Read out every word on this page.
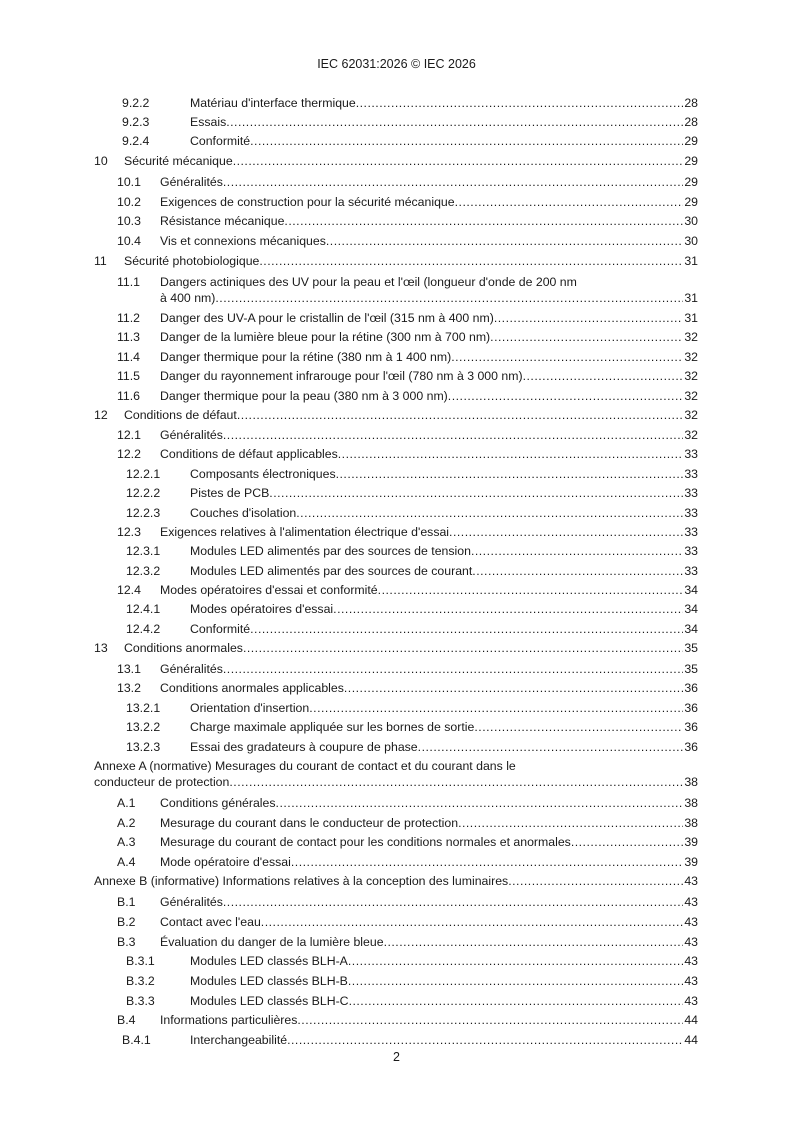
IEC 62031:2026 © IEC 2026
9.2.2	Matériau d'interface thermique .....	28
9.2.3	Essais .....	28
9.2.4	Conformité .....	29
10 Sécurité mécanique .....	29
10.1 Généralités .....	29
10.2 Exigences de construction pour la sécurité mécanique .....	29
10.3 Résistance mécanique .....	30
10.4 Vis et connexions mécaniques .....	30
11 Sécurité photobiologique .....	31
11.1 Dangers actiniques des UV pour la peau et l'œil (longueur d'onde de 200 nm
à 400 nm) .....	31
11.2 Danger des UV-A pour le cristallin de l'œil (315 nm à 400 nm) .....	31
11.3 Danger de la lumière bleue pour la rétine (300 nm à 700 nm) .....	32
11.4 Danger thermique pour la rétine (380 nm à 1 400 nm) .....	32
11.5 Danger du rayonnement infrarouge pour l'œil (780 nm à 3 000 nm) .....	32
11.6 Danger thermique pour la peau (380 nm à 3 000 nm) .....	32
12 Conditions de défaut .....	32
12.1 Généralités .....	32
12.2 Conditions de défaut applicables .....	33
12.2.1 Composants électroniques .....	33
12.2.2 Pistes de PCB .....	33
12.2.3 Couches d'isolation .....	33
12.3 Exigences relatives à l'alimentation électrique d'essai .....	33
12.3.1 Modules LED alimentés par des sources de tension .....	33
12.3.2 Modules LED alimentés par des sources de courant .....	33
12.4 Modes opératoires d'essai et conformité .....	34
12.4.1 Modes opératoires d'essai .....	34
12.4.2 Conformité .....	34
13 Conditions anormales .....	35
13.1 Généralités .....	35
13.2 Conditions anormales applicables .....	36
13.2.1 Orientation d'insertion .....	36
13.2.2 Charge maximale appliquée sur les bornes de sortie .....	36
13.2.3 Essai des gradateurs à coupure de phase .....	36
Annexe A (normative) Mesurages du courant de contact et du courant dans le
conducteur de protection .....	38
A.1 Conditions générales .....	38
A.2 Mesurage du courant dans le conducteur de protection .....	38
A.3 Mesurage du courant de contact pour les conditions normales et anormales .....	39
A.4 Mode opératoire d'essai .....	39
Annexe B (informative) Informations relatives à la conception des luminaires .....	43
B.1 Généralités .....	43
B.2 Contact avec l'eau .....	43
B.3 Évaluation du danger de la lumière bleue .....	43
B.3.1	Modules LED classés BLH-A .....	43
B.3.2	Modules LED classés BLH-B .....	43
B.3.3	Modules LED classés BLH-C .....	43
B.4 Informations particulières .....	44
B.4.1	Interchangeabilité .....	44
2
